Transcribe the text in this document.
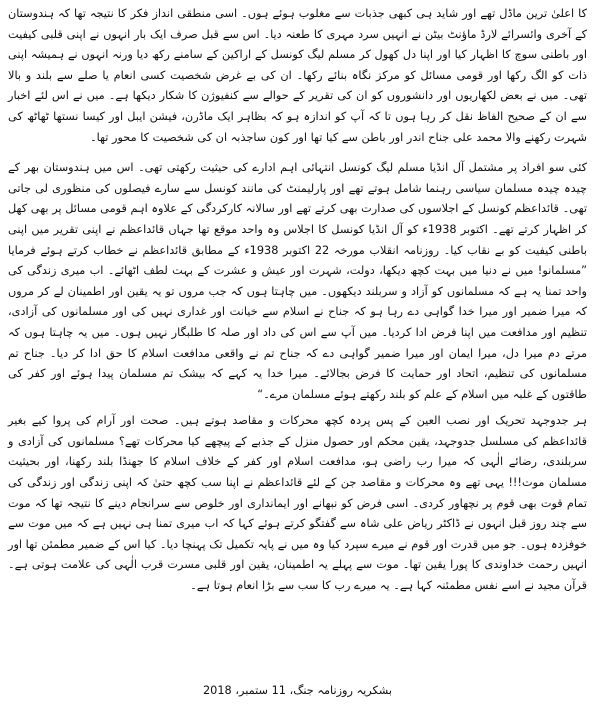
کا اعلیٰ ترین ماڈل تھے اور شاید ہی کبھی جذبات سے مغلوب ہوئے ہوں۔ اسی منطقی انداز فکر کا نتیجہ تھا کہ ہندوستان کے آخری وائسرائے لارڈ ماؤنٹ بیٹن نے انہیں سرد مہری کا طعنہ دیا۔ اس سے قبل صرف ایک بار انہوں نے اپنی قلبی کیفیت اور باطنی سوچ کا اظہار کیا اور اپنا دل کھول کر مسلم لیگ کونسل کے اراکین کے سامنے رکھ دیا ورنہ انہوں نے ہمیشہ اپنی ذات کو الگ رکھا اور قومی مسائل کو مرکز نگاہ بنائے رکھا۔ ان کی بے غرض شخصیت کسی انعام یا صلے سے بلند و بالا تھی۔ میں نے بعض لکھاریوں اور دانشوروں کو ان کی تقریر کے حوالے سے کنفیوژن کا شکار دیکھا ہے۔ میں نے اس لئے اخبار سے ان کے صحیح الفاظ نقل کر رہا ہوں تا کہ آپ کو اندازہ ہو کہ بظاہر ایک ماڈرن، فیشن ایبل اور کیسا نستھا ٹھاٹھ کی شہرت رکھنے والا محمد علی جناح اندر اور باطن سے کیا تھا اور کون ساجذبہ ان کی شخصیت کا محور تھا۔

کئی سو افراد پر مشتمل آل انڈیا مسلم لیگ کونسل انتہائی اہم ادارے کی حیثیت رکھتی تھی۔ اس میں ہندوستان بھر کے چیدہ چیدہ مسلمان سیاسی رہنما شامل ہوتے تھے اور پارلیمنٹ کی مانند کونسل سے سارے فیصلوں کی منظوری لی جاتی تھی۔ قائداعظم کونسل کے اجلاسوں کی صدارت بھی کرتے تھے اور سالانہ کارکردگی کے علاوہ اہم قومی مسائل پر بھی کھل کر اظہار کرتے تھے۔ اکتوبر 1938ء کو آل انڈیا کونسل کا اجلاس وہ واحد موقع تھا جہاں قائداعظم نے اپنی تقریر میں اپنی باطنی کیفیت کو بے نقاب کیا۔ روزنامہ انقلاب مورخہ 22 اکتوبر 1938ء کے مطابق قائداعظم نے خطاب کرتے ہوئے فرمایا ”مسلمانو! میں نے دنیا میں بہت کچھ دیکھا، دولت، شہرت اور عیش و عشرت کے بہت لطف اٹھائے۔ اب میری زندگی کی واحد تمنا یہ ہے کہ مسلمانوں کو آزاد و سربلند دیکھوں۔ میں چاہتا ہوں کہ جب مروں تو یہ یقین اور اطمینان لے کر مروں کہ میرا ضمیر اور میرا خدا گواہی دے رہا ہو کہ جناح نے اسلام سے خیانت اور غداری نہیں کی اور مسلمانوں کی آزادی، تنظیم اور مدافعت میں اپنا فرض ادا کردیا۔ میں آپ سے اس کی داد اور صلہ کا طلبگار نہیں ہوں۔ میں یہ چاہتا ہوں کہ مرتے دم میرا دل، میرا ایمان اور میرا ضمیر گواہی دے کہ جناح تم نے واقعی مدافعت اسلام کا حق ادا کر دیا۔ جناح تم مسلمانوں کی تنظیم، اتحاد اور حمایت کا فرض بجالائے۔ میرا خدا یہ کہے کہ بیشک تم مسلمان پیدا ہوئے اور کفر کی طاقتوں کے غلبہ میں اسلام کے علم کو بلند رکھتے ہوئے مسلمان مرے۔“

ہر جدوجہد تحریک اور نصب العین کے پس پردہ کچھ محرکات و مقاصد ہوتے ہیں۔ صحت اور آرام کی پروا کیے بغیر قائداعظم کی مسلسل جدوجہد، یقین محکم اور حصول منزل کے جذبے کے پیچھے کیا محرکات تھے؟ مسلمانوں کی آزادی و سربلندی، رضائے الٰہی کہ میرا رب راضی ہو، مدافعت اسلام اور کفر کے خلاف اسلام کا جھنڈا بلند رکھنا، اور بحیثیت مسلمان موت!!! یہی تھے وہ محرکات و مقاصد جن کے لئے قائداعظم نے اپنا سب کچھ حتیٰ کہ اپنی زندگی اور زندگی کی تمام قوت بھی قوم پر نچھاور کردی۔ اسی فرض کو نبھانے اور ایمانداری اور خلوص سے سرانجام دینے کا نتیجہ تھا کہ موت سے چند روز قبل انہوں نے ڈاکٹر ریاض علی شاہ سے گفتگو کرتے ہوئے کہا کہ اب میری تمنا ہی نہیں ہے کہ میں موت سے خوفزدہ ہوں۔ جو میں قدرت اور قوم نے میرے سپرد کیا وہ میں نے پایہ تکمیل تک پہنچا دیا۔ کیا اس کے ضمیر مطمئن تھا اور انہیں رحمت خداوندی کا پورا یقین تھا۔ موت سے پہلے یہ اطمینان، یقین اور قلبی مسرت قرب الٰہی کی علامت ہوتی ہے۔ قرآن مجید نے اسے نفس مطمئنہ کہا ہے۔ یہ میرے رب کا سب سے بڑا انعام ہوتا ہے۔

بشکریہ روزنامہ جنگ، 11 ستمبر، 2018
